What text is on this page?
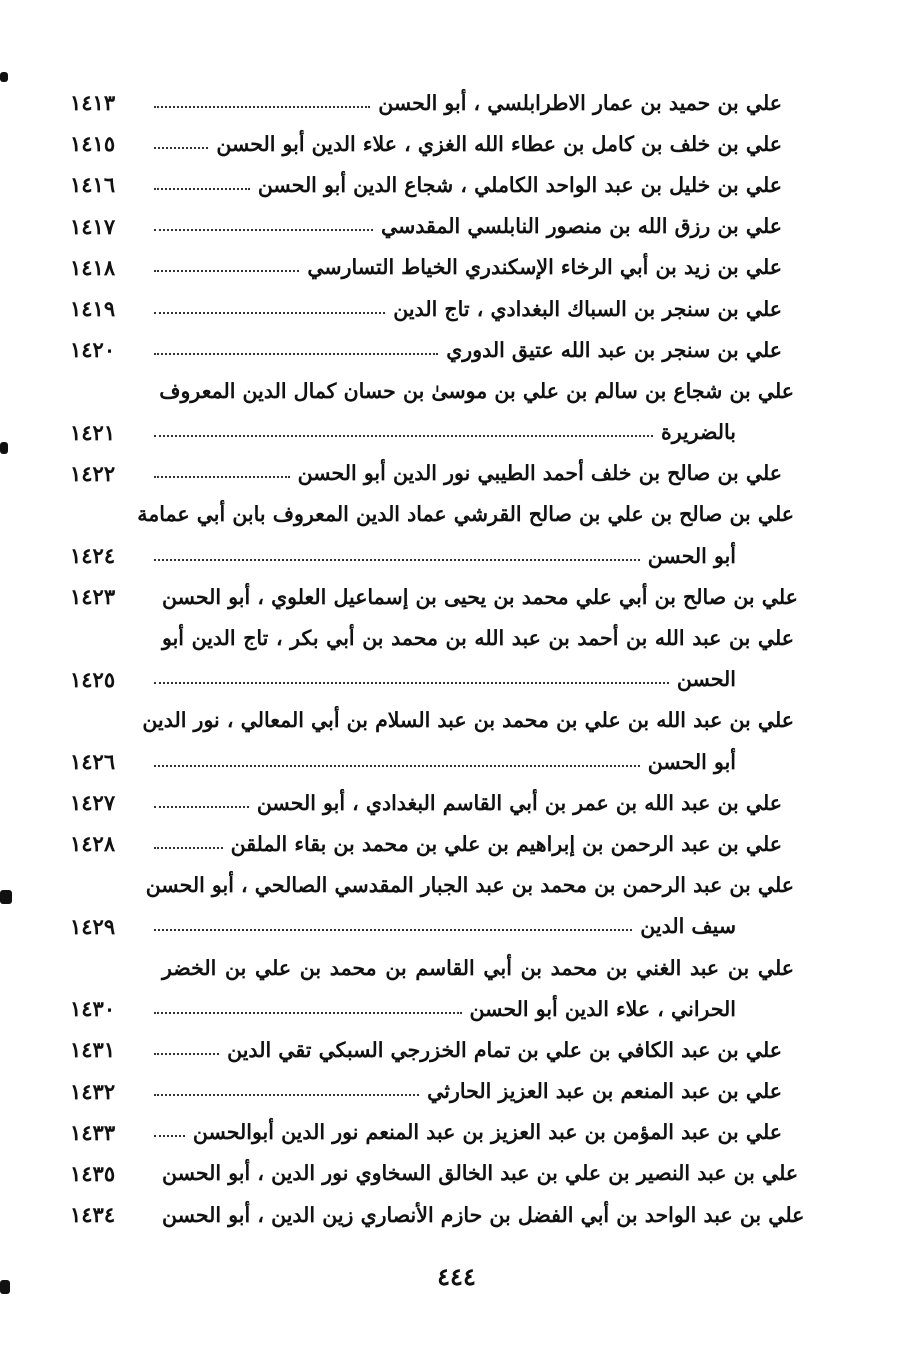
١٤١٣	علي بن حميد بن عمار الاطرابلسي ، أبو الحسن
١٤١٥	علي بن خلف بن كامل بن عطاء الله الغزي ، علاء الدين أبو الحسن
١٤١٦	علي بن خليل بن عبد الواحد الكاملي ، شجاع الدين أبو الحسن
١٤١٧	علي بن رزق الله بن منصور النابلسي المقدسي
١٤١٨	علي بن زيد بن أبي الرخاء الإسكندري الخياط التسارسي
١٤١٩	علي بن سنجر بن السباك البغدادي ، تاج الدين
١٤٢٠	علي بن سنجر بن عبد الله عتيق الدوري
علي بن شجاع بن سالم بن علي بن موسىٰ بن حسان كمال الدين المعروف
١٤٢١	بالضريرة
١٤٢٢	علي بن صالح بن خلف أحمد الطيبي نور الدين أبو الحسن
علي بن صالح بن علي بن صالح القرشي عماد الدين المعروف بابن أبي عمامة
١٤٢٤	أبو الحسن
١٤٢٣	علي بن صالح بن أبي علي محمد بن يحيى بن إسماعيل العلوي ، أبو الحسن
علي بن عبد الله بن أحمد بن عبد الله بن محمد بن أبي بكر ، تاج الدين أبو
١٤٢٥	الحسن
علي بن عبد الله بن علي بن محمد بن عبد السلام بن أبي المعالي ، نور الدين
١٤٢٦	أبو الحسن
١٤٢٧	علي بن عبد الله بن عمر بن أبي القاسم البغدادي ، أبو الحسن
١٤٢٨	علي بن عبد الرحمن بن إبراهيم بن علي بن محمد بن بقاء الملقن
علي بن عبد الرحمن بن محمد بن عبد الجبار المقدسي الصالحي ، أبو الحسن
١٤٢٩	سيف الدين
علي بن عبد الغني بن محمد بن أبي القاسم بن محمد بن علي بن الخضر
١٤٣٠	الحراني ، علاء الدين أبو الحسن
١٤٣١	علي بن عبد الكافي بن علي بن تمام الخزرجي السبكي تقي الدين
١٤٣٢	علي بن عبد المنعم بن عبد العزيز الحارثي
١٤٣٣	علي بن عبد المؤمن بن عبد العزيز بن عبد المنعم نور الدين أبوالحسن
١٤٣٥	علي بن عبد النصير بن علي بن عبد الخالق السخاوي نور الدين ، أبو الحسن
١٤٣٤	علي بن عبد الواحد بن أبي الفضل بن حازم الأنصاري زين الدين ، أبو الحسن
٤٤٤
